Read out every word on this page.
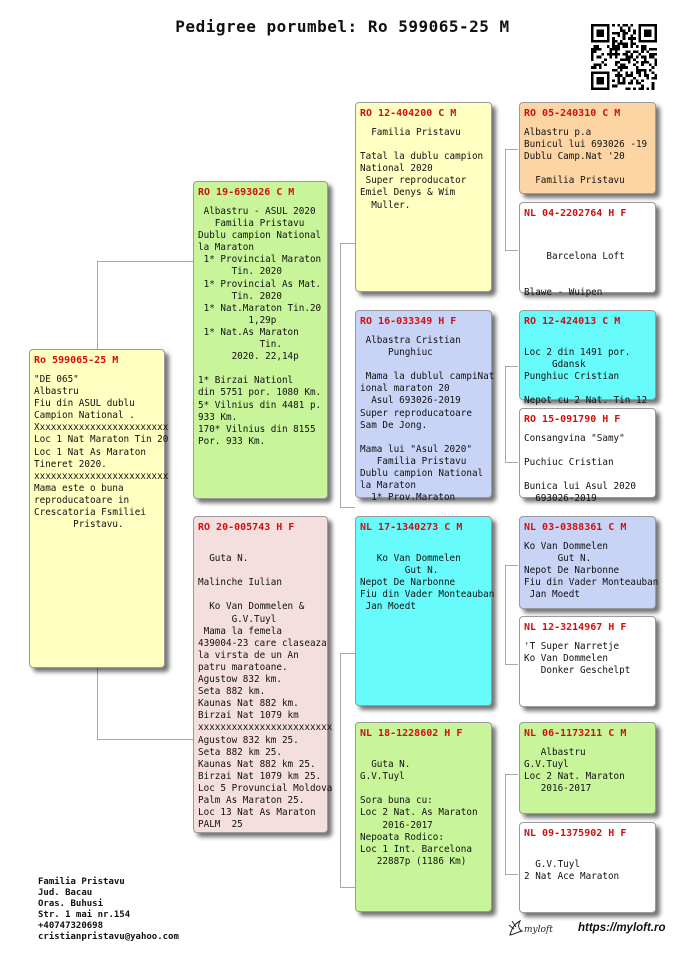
Pedigree porumbel: Ro 599065-25 M
Ro 599065-25 M
"DE 065"
Albastru
Fiu din ASUL dublu
Campion National .
Xxxxxxxxxxxxxxxxxxxxxxxx
Loc 1 Nat Maraton Tin 20
Loc 1 Nat As Maraton
Tineret 2020.
xxxxxxxxxxxxxxxxxxxxxxxx
Mama este o buna
reproducatoare in
Crescatoria Fsmiliei
Pristavu.
RO 19-693026 C M
Albastru - ASUL 2020
Familia Pristavu
Dublu campion National
la Maraton
1* Provincial Maraton
Tin. 2020
1* Provincial As Mat.
Tin. 2020
1* Nat.Maraton Tin.20
1,29p
1* Nat.As Maraton
Tin.
2020. 22,14p

1* Birzai Nationl
din 5751 por. 1080 Km.
5* Vilnius din 4481 p.
933 Km.
170* Vilnius din 8155
Por. 933 Km.
RO 20-005743 H F

Guta N.

Malinche Iulian

Ko Van Dommelen &
G.V.Tuyl
Mama la femela
439004-23 care claseaza
la virsta de un An
patru maratoane.
Agustow 832 km.
Seta 882 km.
Kaunas Nat 882 km.
Birzai Nat 1079 km
xxxxxxxxxxxxxxxxxxxxxxxx
Agustow 832 km 25.
Seta 882 km 25.
Kaunas Nat 882 km 25.
Birzai Nat 1079 km 25.
Loc 5 Provuncial Moldova
Palm As Maraton 25.
Loc 13 Nat As Maraton
PALM  25
RO 12-404200 C M
Familia Pristavu

Tatal la dublu campion
National 2020
Super reproducator
Emiel Denys & Wim
Muller.
RO 16-033349 H F
Albastra Cristian
Punghiuc

Mama la dublul campiNat
ional maraton 20
Asul 693026-2019
Super reproducatoare
Sam De Jong.

Mama lui "Asul 2020"
Familia Pristavu
Dublu campion National
la Maraton
1* Prov.Maraton
NL 17-1340273 C M

Ko Van Dommelen
Gut N.
Nepot De Narbonne
Fiu din Vader Monteauban
Jan Moedt
NL 18-1228602 H F

Guta N.
G.V.Tuyl

Sora buna cu:
Loc 2 Nat. As Maraton
2016-2017
Nepoata Rodico:
Loc 1 Int. Barcelona
22887p (1186 Km)
RO 05-240310 C M
Albastru p.a
Bunicul lui 693026 -19
Dublu Camp.Nat '20

Familia Pristavu
NL 04-2202764 H F

Barcelona Loft

Blawe - Wuipen
RO 12-424013 C M

Loc 2 din 1491 por.
Gdansk
Punghiuc Cristian

Nepot cu 2 Nat. Tin 12
RO 15-091790 H F
Consangvina "Samy"

Puchiuc Cristian

Bunica lui Asul 2020
693026-2019
NL 03-0388361 C M
Ko Van Dommelen
Gut N.
Nepot De Narbonne
Fiu din Vader Monteauban
Jan Moedt
NL 12-3214967 H F
'T Super Narretje
Ko Van Dommelen
Donker Geschelpt
NL 06-1173211 C M
Albastru
G.V.Tuyl
Loc 2 Nat. Maraton
2016-2017
NL 09-1375902 H F

G.V.Tuyl
2 Nat Ace Maraton
Familia Pristavu
Jud. Bacau
Oras. Buhusi
Str. 1 mai nr.154
+40747320698
cristianpristavu@yahoo.com
myloft https://myloft.ro
